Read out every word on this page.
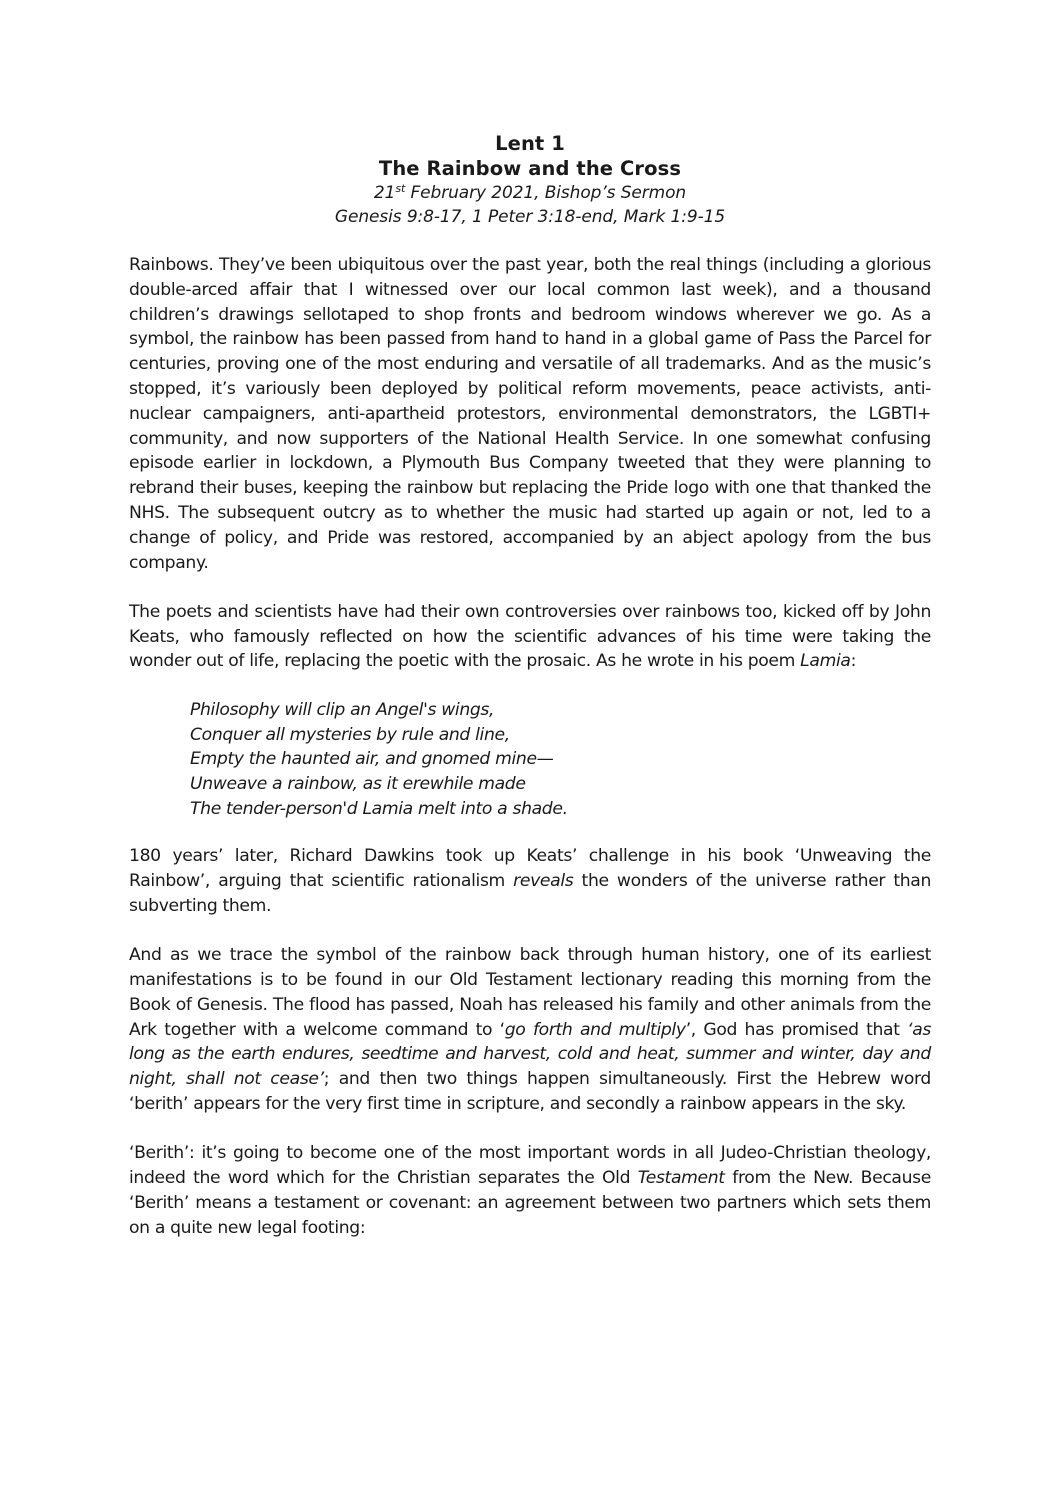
Lent 1

The Rainbow and the Cross

21st February 2021, Bishop’s Sermon

Genesis 9:8-17, 1 Peter 3:18-end, Mark 1:9-15

Rainbows. They’ve been ubiquitous over the past year, both the real things (including a glorious double-arced affair that I witnessed over our local common last week), and a thousand children’s drawings sellotaped to shop fronts and bedroom windows wherever we go. As a symbol, the rainbow has been passed from hand to hand in a global game of Pass the Parcel for centuries, proving one of the most enduring and versatile of all trademarks. And as the music’s stopped, it’s variously been deployed by political reform movements, peace activists, anti-nuclear campaigners, anti-apartheid protestors, environmental demonstrators, the LGBTI+ community, and now supporters of the National Health Service. In one somewhat confusing episode earlier in lockdown, a Plymouth Bus Company tweeted that they were planning to rebrand their buses, keeping the rainbow but replacing the Pride logo with one that thanked the NHS. The subsequent outcry as to whether the music had started up again or not, led to a change of policy, and Pride was restored, accompanied by an abject apology from the bus company.

The poets and scientists have had their own controversies over rainbows too, kicked off by John Keats, who famously reflected on how the scientific advances of his time were taking the wonder out of life, replacing the poetic with the prosaic. As he wrote in his poem Lamia:

Philosophy will clip an Angel's wings,
Conquer all mysteries by rule and line,
Empty the haunted air, and gnomed mine—
Unweave a rainbow, as it erewhile made
The tender-person'd Lamia melt into a shade.

180 years’ later, Richard Dawkins took up Keats’ challenge in his book ‘Unweaving the Rainbow’, arguing that scientific rationalism reveals the wonders of the universe rather than subverting them.

And as we trace the symbol of the rainbow back through human history, one of its earliest manifestations is to be found in our Old Testament lectionary reading this morning from the Book of Genesis. The flood has passed, Noah has released his family and other animals from the Ark together with a welcome command to ‘go forth and multiply’, God has promised that ‘as long as the earth endures, seedtime and harvest, cold and heat, summer and winter, day and night, shall not cease’; and then two things happen simultaneously. First the Hebrew word ‘berith’ appears for the very first time in scripture, and secondly a rainbow appears in the sky.

‘Berith’: it’s going to become one of the most important words in all Judeo-Christian theology, indeed the word which for the Christian separates the Old Testament from the New. Because ‘Berith’ means a testament or covenant: an agreement between two partners which sets them on a quite new legal footing:
